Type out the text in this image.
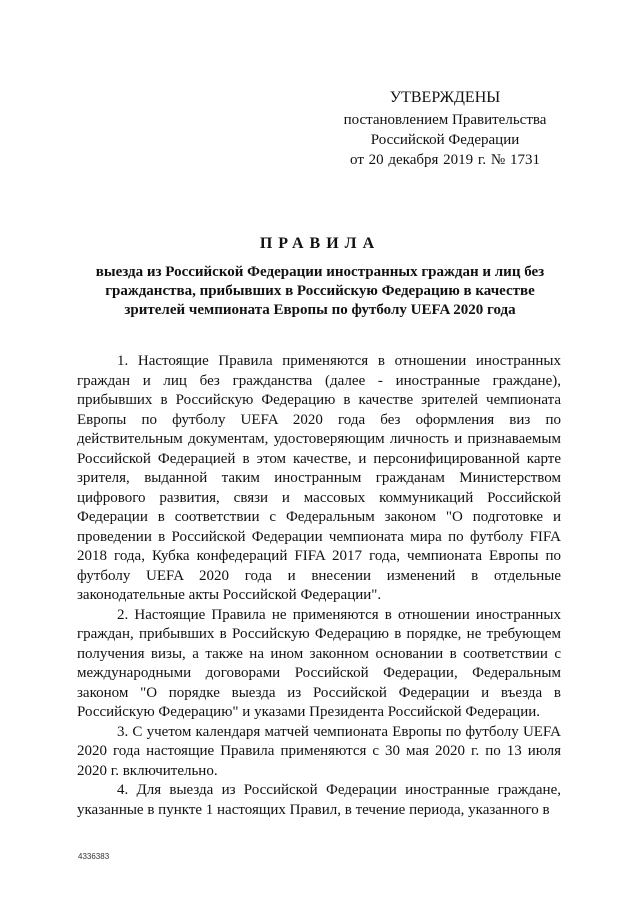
УТВЕРЖДЕНЫ
постановлением Правительства
Российской Федерации
от 20 декабря 2019 г. № 1731
ПРАВИЛА
выезда из Российской Федерации иностранных граждан и лиц без гражданства, прибывших в Российскую Федерацию в качестве зрителей чемпионата Европы по футболу UEFA 2020 года

1. Настоящие Правила применяются в отношении иностранных граждан и лиц без гражданства (далее - иностранные граждане), прибывших в Российскую Федерацию в качестве зрителей чемпионата Европы по футболу UEFA 2020 года без оформления виз по действительным документам, удостоверяющим личность и признаваемым Российской Федерацией в этом качестве, и персонифицированной карте зрителя, выданной таким иностранным гражданам Министерством цифрового развития, связи и массовых коммуникаций Российской Федерации в соответствии с Федеральным законом "О подготовке и проведении в Российской Федерации чемпионата мира по футболу FIFA 2018 года, Кубка конфедераций FIFA 2017 года, чемпионата Европы по футболу UEFA 2020 года и внесении изменений в отдельные законодательные акты Российской Федерации".

2. Настоящие Правила не применяются в отношении иностранных граждан, прибывших в Российскую Федерацию в порядке, не требующем получения визы, а также на ином законном основании в соответствии с международными договорами Российской Федерации, Федеральным законом "О порядке выезда из Российской Федерации и въезда в Российскую Федерацию" и указами Президента Российской Федерации.

3. С учетом календаря матчей чемпионата Европы по футболу UEFA 2020 года настоящие Правила применяются с 30 мая 2020 г. по 13 июля 2020 г. включительно.

4. Для выезда из Российской Федерации иностранные граждане, указанные в пункте 1 настоящих Правил, в течение периода, указанного в

4336383
